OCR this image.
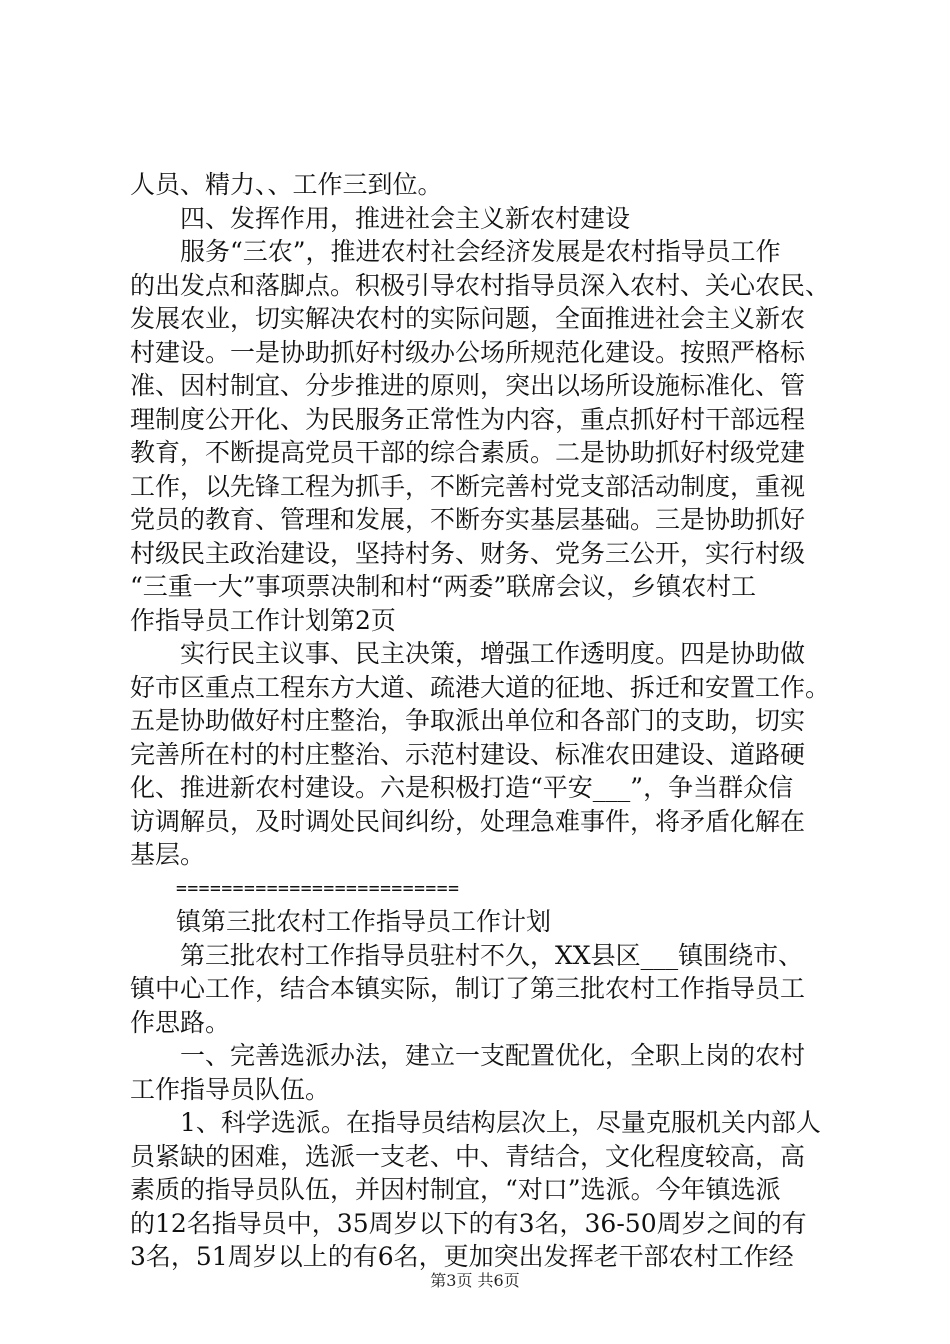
人员、精力、、工作三到位。
四、发挥作用，推进社会主义新农村建设
服务“三农”，推进农村社会经济发展是农村指导员工作
的出发点和落脚点。积极引导农村指导员深入农村、关心农民、
发展农业，切实解决农村的实际问题，全面推进社会主义新农
村建设。一是协助抓好村级办公场所规范化建设。按照严格标
准、因村制宜、分步推进的原则，突出以场所设施标准化、管
理制度公开化、为民服务正常性为内容，重点抓好村干部远程
教育，不断提高党员干部的综合素质。二是协助抓好村级党建
工作，以先锋工程为抓手，不断完善村党支部活动制度，重视
党员的教育、管理和发展，不断夯实基层基础。三是协助抓好
村级民主政治建设，坚持村务、财务、党务三公开，实行村级
“三重一大”事项票决制和村“两委”联席会议，乡镇农村工
作指导员工作计划第2页
实行民主议事、民主决策，增强工作透明度。四是协助做
好市区重点工程东方大道、疏港大道的征地、拆迁和安置工作。
五是协助做好村庄整治，争取派出单位和各部门的支助，切实
完善所在村的村庄整治、示范村建设、标准农田建设、道路硬
化、推进新农村建设。六是积极打造“平安___”，争当群众信
访调解员，及时调处民间纠纷，处理急难事件，将矛盾化解在
基层。
=========================
镇第三批农村工作指导员工作计划
第三批农村工作指导员驻村不久，XX县区___镇围绕市、
镇中心工作，结合本镇实际，制订了第三批农村工作指导员工
作思路。
一、完善选派办法，建立一支配置优化，全职上岗的农村
工作指导员队伍。
1、科学选派。在指导员结构层次上，尽量克服机关内部人
员紧缺的困难，选派一支老、中、青结合，文化程度较高，高
素质的指导员队伍，并因村制宜，“对口”选派。今年镇选派
的12名指导员中，35周岁以下的有3名，36-50周岁之间的有
3名，51周岁以上的有6名，更加突出发挥老干部农村工作经
第3页 共6页
